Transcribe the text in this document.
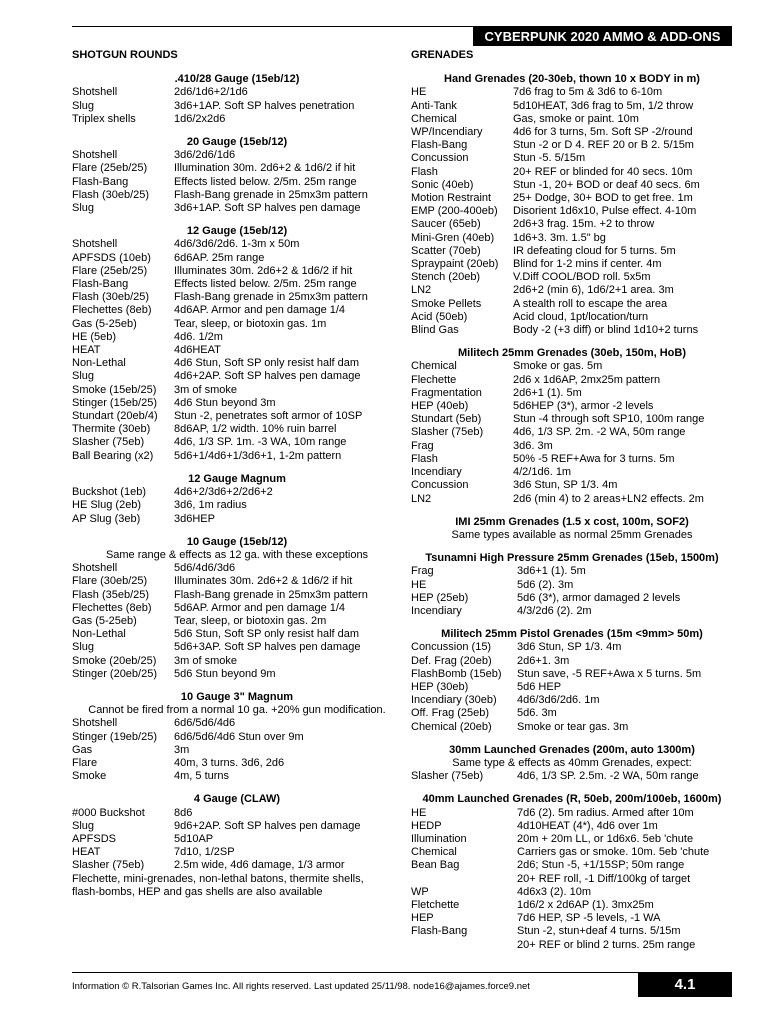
CYBERPUNK 2020 AMMO & ADD-ONS
SHOTGUN ROUNDS
.410/28 Gauge (15eb/12)
Shotshell	2d6/1d6+2/1d6
Slug	3d6+1AP. Soft SP halves penetration
Triplex shells	1d6/2x2d6
20 Gauge (15eb/12)
Shotshell	3d6/2d6/1d6
Flare (25eb/25)	Illumination 30m. 2d6+2 & 1d6/2 if hit
Flash-Bang	Effects listed below. 2/5m. 25m range
Flash (30eb/25)	Flash-Bang grenade in 25mx3m pattern
Slug	3d6+1AP. Soft SP halves pen damage
12 Gauge (15eb/12)
Shotshell	4d6/3d6/2d6. 1-3m x 50m
APFSDS (10eb)	6d6AP. 25m range
Flare (25eb/25)	Illuminates 30m. 2d6+2 & 1d6/2 if hit
Flash-Bang	Effects listed below. 2/5m. 25m range
Flash (30eb/25)	Flash-Bang grenade in 25mx3m pattern
Flechettes (8eb)	4d6AP. Armor and pen damage 1/4
Gas (5-25eb)	Tear, sleep, or biotoxin gas. 1m
HE (5eb)	4d6. 1/2m
HEAT	4d6HEAT
Non-Lethal	4d6 Stun, Soft SP only resist half dam
Slug	4d6+2AP. Soft SP halves pen damage
Smoke (15eb/25)	3m of smoke
Stinger (15eb/25)	4d6 Stun beyond 3m
Stundart (20eb/4)	Stun -2, penetrates soft armor of 10SP
Thermite (30eb)	8d6AP, 1/2 width. 10% ruin barrel
Slasher (75eb)	4d6, 1/3 SP. 1m. -3 WA, 10m range
Ball Bearing (x2)	5d6+1/4d6+1/3d6+1, 1-2m pattern
12 Gauge Magnum
Buckshot (1eb)	4d6+2/3d6+2/2d6+2
HE Slug (2eb)	3d6, 1m radius
AP Slug (3eb)	3d6HEP
10 Gauge (15eb/12)
Same range & effects as 12 ga. with these exceptions
Shotshell	5d6/4d6/3d6
Flare (30eb/25)	Illuminates 30m. 2d6+2 & 1d6/2 if hit
Flash (35eb/25)	Flash-Bang grenade in 25mx3m pattern
Flechettes (8eb)	5d6AP. Armor and pen damage 1/4
Gas (5-25eb)	Tear, sleep, or biotoxin gas. 2m
Non-Lethal	5d6 Stun, Soft SP only resist half dam
Slug	5d6+3AP. Soft SP halves pen damage
Smoke (20eb/25)	3m of smoke
Stinger (20eb/25)	5d6 Stun beyond 9m
10 Gauge 3" Magnum
Cannot be fired from a normal 10 ga. +20% gun modification.
Shotshell	6d6/5d6/4d6
Stinger (19eb/25)	6d6/5d6/4d6 Stun over 9m
Gas	3m
Flare	40m, 3 turns. 3d6, 2d6
Smoke	4m, 5 turns
4 Gauge (CLAW)
#000 Buckshot	8d6
Slug	9d6+2AP. Soft SP halves pen damage
APFSDS	5d10AP
HEAT	7d10, 1/2SP
Slasher (75eb)	2.5m wide, 4d6 damage, 1/3 armor
Flechette, mini-grenades, non-lethal batons, thermite shells,
flash-bombs, HEP and gas shells are also available
GRENADES
Hand Grenades (20-30eb, thown 10 x BODY in m)
HE	7d6 frag to 5m & 3d6 to 6-10m
Anti-Tank	5d10HEAT, 3d6 frag to 5m, 1/2 throw
Chemical	Gas, smoke or paint. 10m
WP/Incendiary	4d6 for 3 turns, 5m. Soft SP -2/round
Flash-Bang	Stun -2 or D 4. REF 20 or B 2. 5/15m
Concussion	Stun -5. 5/15m
Flash	20+ REF or blinded for 40 secs. 10m
Sonic (40eb)	Stun -1, 20+ BOD or deaf 40 secs. 6m
Motion Restraint	25+ Dodge, 30+ BOD to get free. 1m
EMP (200-400eb)	Disorient 1d6x10, Pulse effect. 4-10m
Saucer (65eb)	2d6+3 frag. 15m. +2 to throw
Mini-Gren (40eb)	1d6+3. 3m. 1.5" bg
Scatter (70eb)	IR defeating cloud for 5 turns. 5m
Spraypaint (20eb)	Blind for 1-2 mins if center. 4m
Stench (20eb)	V.Diff COOL/BOD roll. 5x5m
LN2	2d6+2 (min 6), 1d6/2+1 area. 3m
Smoke Pellets	A stealth roll to escape the area
Acid (50eb)	Acid cloud, 1pt/location/turn
Blind Gas	Body -2 (+3 diff) or blind 1d10+2 turns
Militech 25mm Grenades (30eb, 150m, HoB)
Chemical	Smoke or gas. 5m
Flechette	2d6 x 1d6AP, 2mx25m pattern
Fragmentation	2d6+1 (1). 5m
HEP (40eb)	5d6HEP (3*), armor -2 levels
Stundart (5eb)	Stun -4 through soft SP10, 100m range
Slasher (75eb)	4d6, 1/3 SP. 2m. -2 WA, 50m range
Frag	3d6. 3m
Flash	50% -5 REF+Awa for 3 turns. 5m
Incendiary	4/2/1d6. 1m
Concussion	3d6 Stun, SP 1/3. 4m
LN2	2d6 (min 4) to 2 areas+LN2 effects. 2m
IMI 25mm Grenades (1.5 x cost, 100m, SOF2)
Same types available as normal 25mm Grenades
Tsunamni High Pressure 25mm Grenades (15eb, 1500m)
Frag	3d6+1 (1). 5m
HE	5d6 (2). 3m
HEP (25eb)	5d6 (3*), armor damaged 2 levels
Incendiary	4/3/2d6 (2). 2m
Militech 25mm Pistol Grenades (15m <9mm> 50m)
Concussion (15)	3d6 Stun, SP 1/3. 4m
Def. Frag (20eb)	2d6+1. 3m
FlashBomb (15eb)	Stun save, -5 REF+Awa x 5 turns. 5m
HEP (30eb)	5d6 HEP
Incendiary (30eb)	4d6/3d6/2d6. 1m
Off. Frag (25eb)	5d6. 3m
Chemical (20eb)	Smoke or tear gas. 3m
30mm Launched Grenades (200m, auto 1300m)
Same type & effects as 40mm Grenades, expect:
Slasher (75eb)	4d6, 1/3 SP. 2.5m. -2 WA, 50m range
40mm Launched Grenades (R, 50eb, 200m/100eb, 1600m)
HE	7d6 (2). 5m radius. Armed after 10m
HEDP	4d10HEAT (4*), 4d6 over 1m
Illumination	20m + 20m LL, or 1d6x6. 5eb 'chute
Chemical	Carriers gas or smoke. 10m. 5eb 'chute
Bean Bag	2d6; Stun -5, +1/15SP; 50m range
20+ REF roll, -1 Diff/100kg of target
WP	4d6x3 (2). 10m
Fletchette	1d6/2 x 2d6AP (1). 3mx25m
HEP	7d6 HEP, SP -5 levels, -1 WA
Flash-Bang	Stun -2, stun+deaf 4 turns. 5/15m
20+ REF or blind 2 turns. 25m range
Information © R.Talsorian Games Inc. All rights reserved. Last updated 25/11/98. node16@ajames.force9.net	4.1
